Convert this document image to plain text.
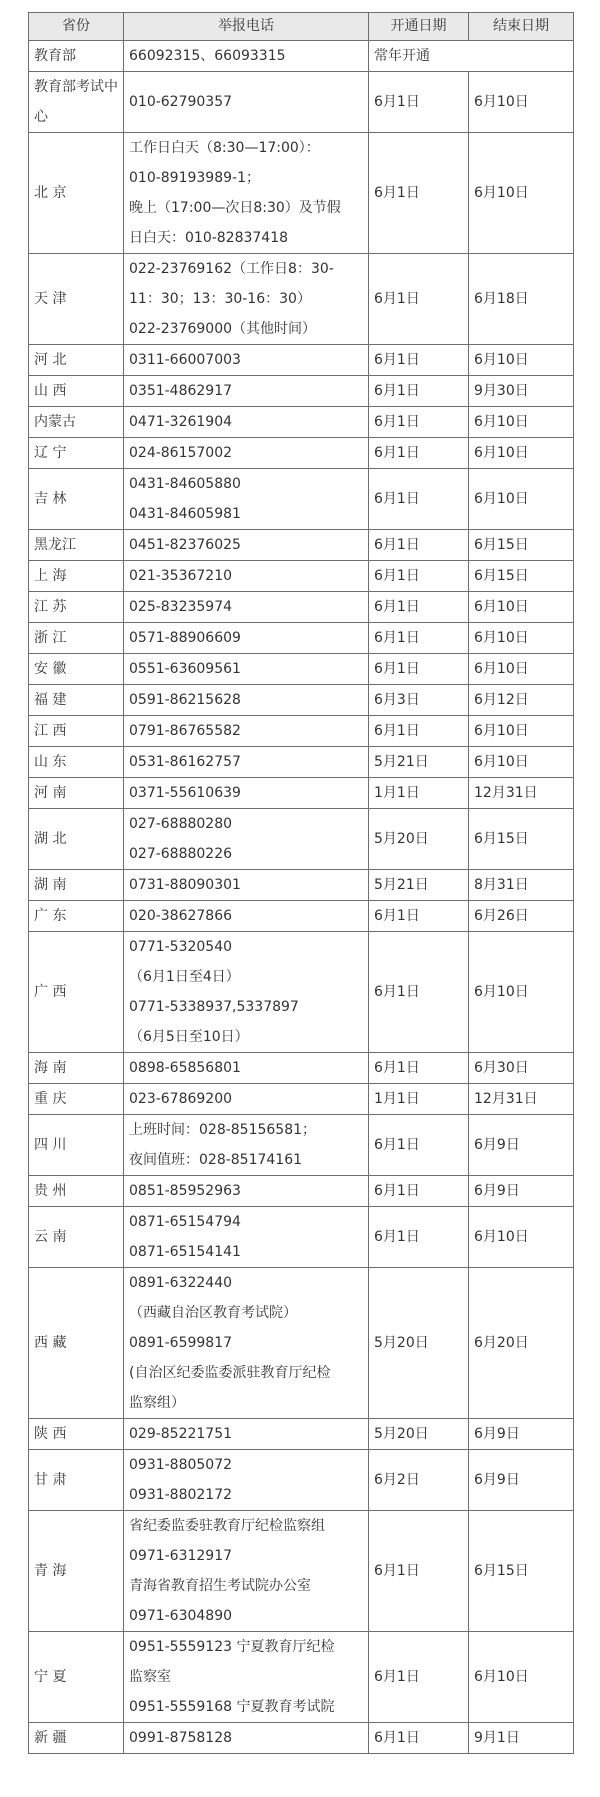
省份	举报电话	开通日期	结束日期
教育部	66092315、66093315	常年开通	
教育部考试中心	010-62790357	6月1日	6月10日
北 京	工作日白天（8:30—17:00）：
010-89193989-1；
晚上（17:00—次日8:30）及节假
日白天：010-82837418	6月1日	6月10日
天 津	022-23769162（工作日8：30-
11：30；13：30-16：30）
022-23769000（其他时间）	6月1日	6月18日
河 北	0311-66007003	6月1日	6月10日
山 西	0351-4862917	6月1日	9月30日
内蒙古	0471-3261904	6月1日	6月10日
辽 宁	024-86157002	6月1日	6月10日
吉 林	0431-84605880
0431-84605981	6月1日	6月10日
黑龙江	0451-82376025	6月1日	6月15日
上 海	021-35367210	6月1日	6月15日
江 苏	025-83235974	6月1日	6月10日
浙 江	0571-88906609	6月1日	6月10日
安 徽	0551-63609561	6月1日	6月10日
福 建	0591-86215628	6月3日	6月12日
江 西	0791-86765582	6月1日	6月10日
山 东	0531-86162757	5月21日	6月10日
河 南	0371-55610639	1月1日	12月31日
湖 北	027-68880280
027-68880226	5月20日	6月15日
湖 南	0731-88090301	5月21日	8月31日
广 东	020-38627866	6月1日	6月26日
广 西	0771-5320540
（6月1日至4日）
0771-5338937,5337897
（6月5日至10日）	6月1日	6月10日
海 南	0898-65856801	6月1日	6月30日
重 庆	023-67869200	1月1日	12月31日
四 川	上班时间：028-85156581；
夜间值班：028-85174161	6月1日	6月9日
贵 州	0851-85952963	6月1日	6月9日
云 南	0871-65154794
0871-65154141	6月1日	6月10日
西 藏	0891-6322440
（西藏自治区教育考试院）
0891-6599817
(自治区纪委监委派驻教育厅纪检
监察组）	5月20日	6月20日
陕 西	029-85221751	5月20日	6月9日
甘 肃	0931-8805072
0931-8802172	6月2日	6月9日
青 海	省纪委监委驻教育厅纪检监察组
0971-6312917
青海省教育招生考试院办公室
0971-6304890	6月1日	6月15日
宁 夏	0951-5559123 宁夏教育厅纪检
监察室
0951-5559168 宁夏教育考试院	6月1日	6月10日
新 疆	0991-8758128	6月1日	9月1日
